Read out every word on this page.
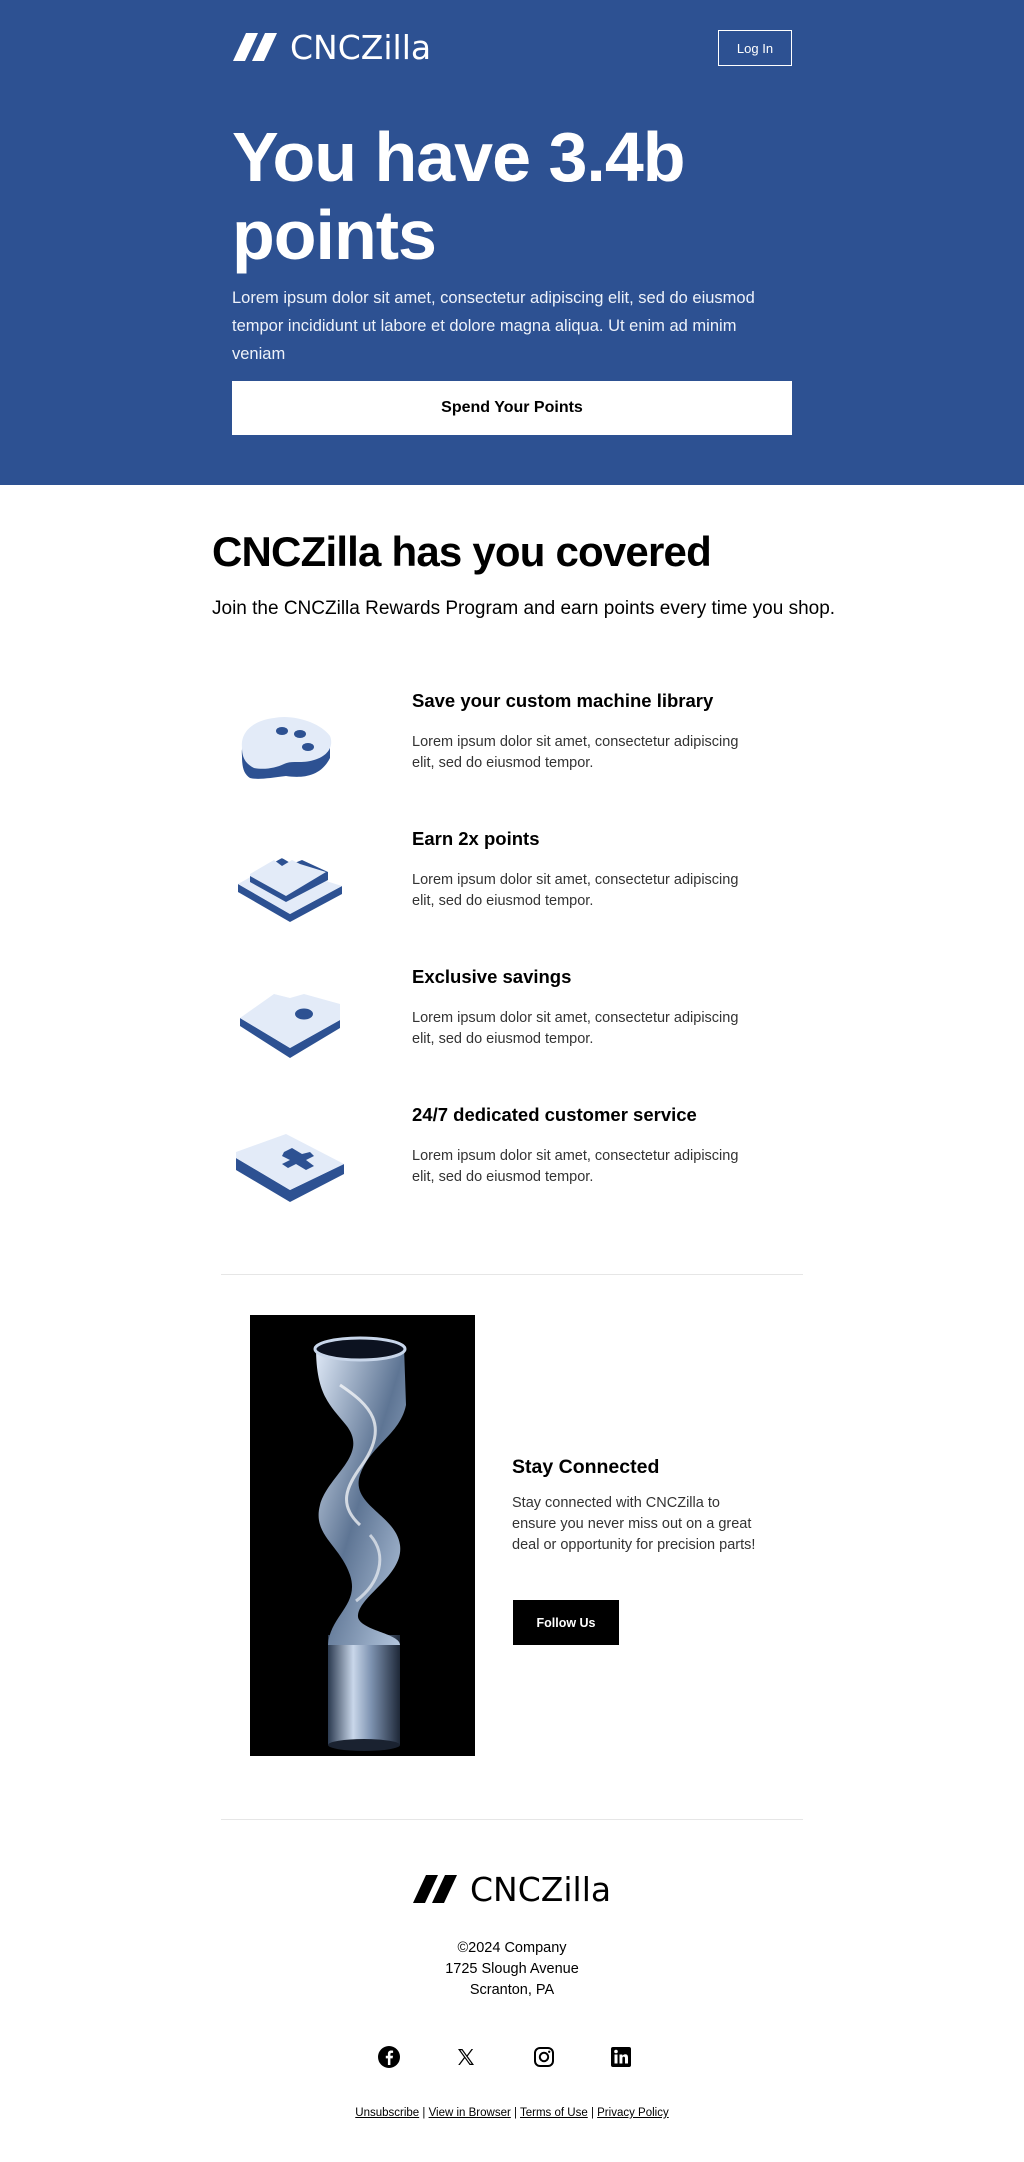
CNCZilla	Log In
You have 3.4b points

Lorem ipsum dolor sit amet, consectetur adipiscing elit, sed do eiusmod tempor incididunt ut labore et dolore magna aliqua. Ut enim ad minim veniam

Spend Your Points
CNCZilla has you covered

Join the CNCZilla Rewards Program and earn points every time you shop.

Save your custom machine library
Lorem ipsum dolor sit amet, consectetur adipiscing elit, sed do eiusmod tempor.
Earn 2x points
Lorem ipsum dolor sit amet, consectetur adipiscing elit, sed do eiusmod tempor.
Exclusive savings
Lorem ipsum dolor sit amet, consectetur adipiscing elit, sed do eiusmod tempor.
24/7 dedicated customer service
Lorem ipsum dolor sit amet, consectetur adipiscing elit, sed do eiusmod tempor.
Stay Connected
Stay connected with CNCZilla to ensure you never miss out on a great deal or opportunity for precision parts!
Follow Us
CNCZilla
©2024 Company
1725 Slough Avenue
Scranton, PA
Unsubscribe | View in Browser | Terms of Use | Privacy Policy
